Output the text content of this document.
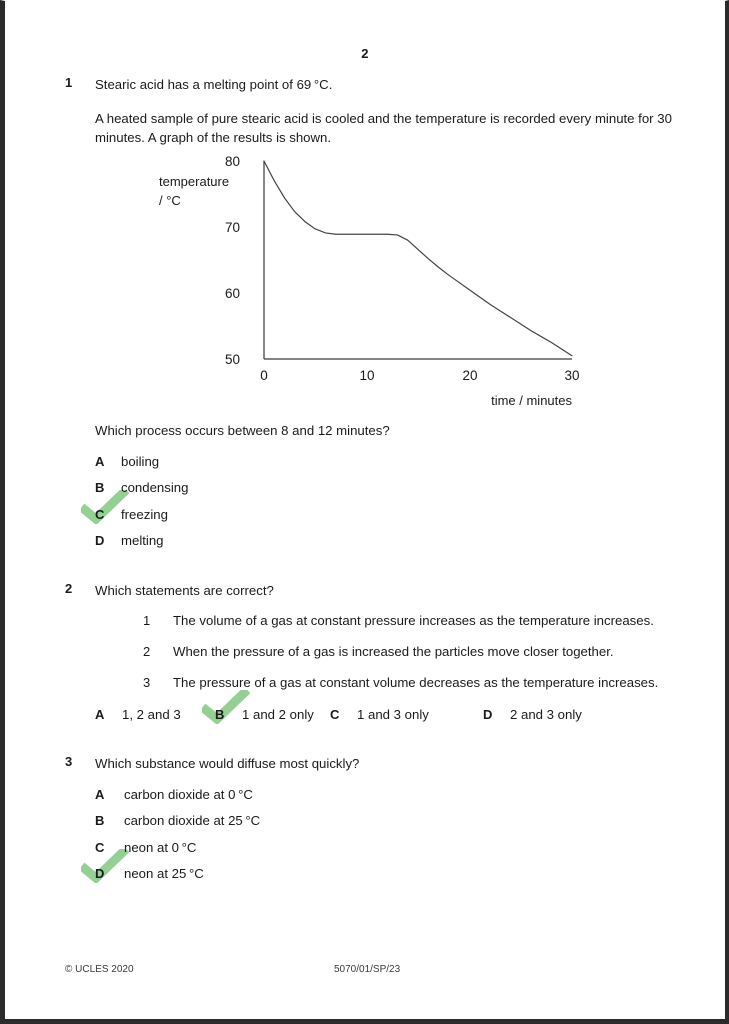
2
1 Stearic acid has a melting point of 69 °C.
A heated sample of pure stearic acid is cooled and the temperature is recorded every minute for 30 minutes. A graph of the results is shown.
temperature
/ °C
80
70
60
50
0	10	20	30
time / minutes
Which process occurs between 8 and 12 minutes?
A boiling
B condensing
C freezing
D melting
2 Which statements are correct?
1 The volume of a gas at constant pressure increases as the temperature increases.
2 When the pressure of a gas is increased the particles move closer together.
3 The pressure of a gas at constant volume decreases as the temperature increases.
A 1, 2 and 3	B 1 and 2 only C 1 and 3 only	D 2 and 3 only
3 Which substance would diffuse most quickly?
A carbon dioxide at 0 °C
B carbon dioxide at 25 °C
C neon at 0 °C
D neon at 25 °C
© UCLES 2020	5070/01/SP/23
